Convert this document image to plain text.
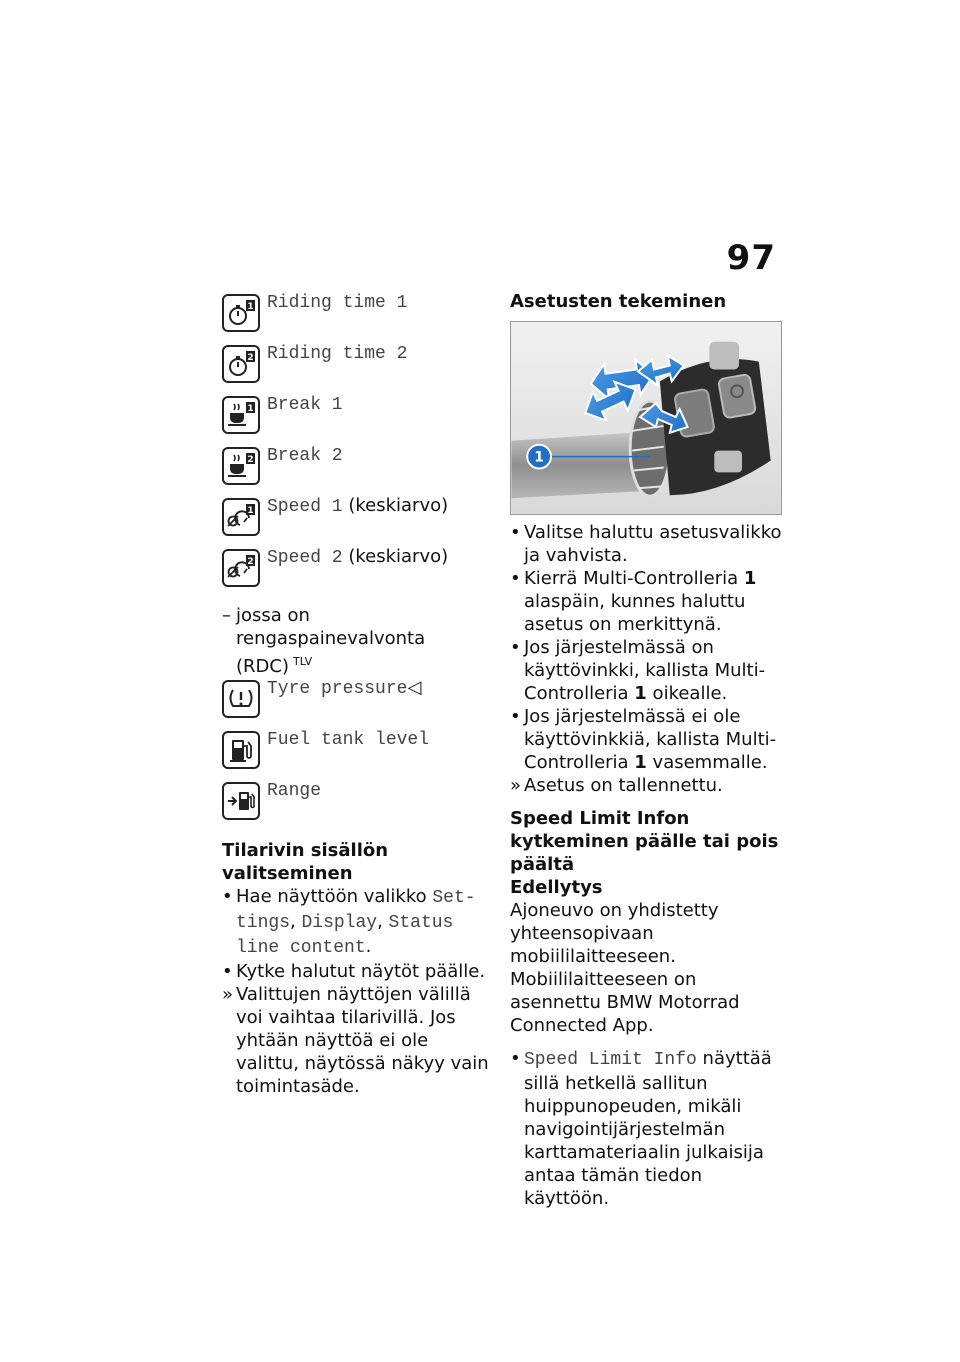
97
1 Riding time 1
2 Riding time 2
1 Break 1
2 Break 2
1 Speed 1 (keskiarvo)
2 Speed 2 (keskiarvo)
– jossa on rengaspainevalvonta (RDC) $^{TLV}$
Tyre pressure◁
Fuel tank level
Range
Tilarivin sisällön valitseminen

• Hae näyttöön valikko Set-tings, Display, Status line content.

• Kytke halutut näytöt päälle.

» Valittujen näyttöjen välillä voi vaihtaa tilarivillä. Jos yhtään näyttöä ei ole valittu, näytössä näkyy vain toimintasäde.

Asetusten tekeminen
1

• Valitse haluttu asetusvalikko ja vahvista.

• Kierrä Multi-Controlleria 1 alaspäin, kunnes haluttu asetus on merkittynä.

• Jos järjestelmässä on käyttövinkki, kallista Multi-Controlleria 1 oikealle.

• Jos järjestelmässä ei ole käyttövinkkiä, kallista Multi-Controlleria 1 vasemmalle.

» Asetus on tallennettu.

Speed Limit Infon kytkeminen päälle tai pois päältä
Edellytys

Ajoneuvo on yhdistetty yhteensopivaan mobiililaitteeseen.

Mobiililaitteeseen on asennettu BMW Motorrad Connected App.

• Speed Limit Info näyttää sillä hetkellä sallitun huippunopeuden, mikäli navigointijärjestelmän karttamateriaalin julkaisija antaa tämän tiedon käyttöön.
